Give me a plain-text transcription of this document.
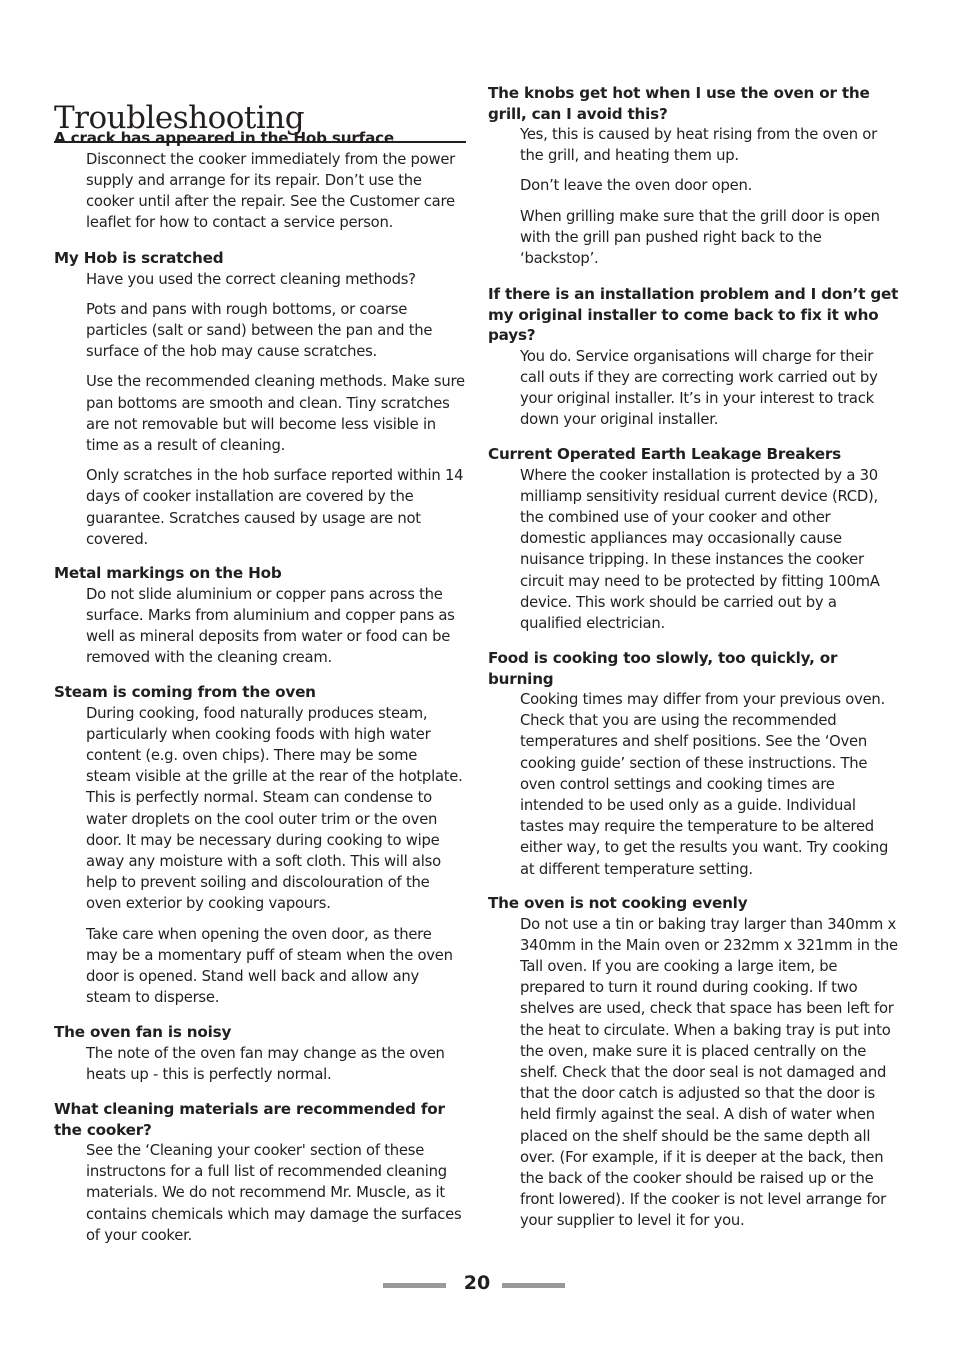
Troubleshooting

A crack has appeared in the Hob surface

Disconnect the cooker immediately from the power supply and arrange for its repair. Don’t use the cooker until after the repair. See the Customer care leaflet for how to contact a service person.

My Hob is scratched

Have you used the correct cleaning methods?

Pots and pans with rough bottoms, or coarse particles (salt or sand) between the pan and the surface of the hob may cause scratches.

Use the recommended cleaning methods. Make sure pan bottoms are smooth and clean. Tiny scratches are not removable but will become less visible in time as a result of cleaning.

Only scratches in the hob surface reported within 14 days of cooker installation are covered by the guarantee. Scratches caused by usage are not covered.

Metal markings on the Hob

Do not slide aluminium or copper pans across the surface. Marks from aluminium and copper pans as well as mineral deposits from water or food can be removed with the cleaning cream.

Steam is coming from the oven

During cooking, food naturally produces steam, particularly when cooking foods with high water content (e.g. oven chips). There may be some steam visible at the grille at the rear of the hotplate. This is perfectly normal. Steam can condense to water droplets on the cool outer trim or the oven door. It may be necessary during cooking to wipe away any moisture with a soft cloth. This will also help to prevent soiling and discolouration of the oven exterior by cooking vapours.

Take care when opening the oven door, as there may be a momentary puff of steam when the oven door is opened. Stand well back and allow any steam to disperse.

The oven fan is noisy

The note of the oven fan may change as the oven heats up - this is perfectly normal.

What cleaning materials are recommended for the cooker?

See the ‘Cleaning your cooker' section of these instructons for a full list of recommended cleaning materials. We do not recommend Mr. Muscle, as it contains chemicals which may damage the surfaces of your cooker.

The knobs get hot when I use the oven or the grill, can I avoid this?

Yes, this is caused by heat rising from the oven or the grill, and heating them up.

Don’t leave the oven door open.

When grilling make sure that the grill door is open with the grill pan pushed right back to the ‘backstop’.

If there is an installation problem and I don’t get my original installer to come back to fix it who pays?

You do. Service organisations will charge for their call outs if they are correcting work carried out by your original installer. It’s in your interest to track down your original installer.

Current Operated Earth Leakage Breakers

Where the cooker installation is protected by a 30 milliamp sensitivity residual current device (RCD), the combined use of your cooker and other domestic appliances may occasionally cause nuisance tripping. In these instances the cooker circuit may need to be protected by fitting 100mA device. This work should be carried out by a qualified electrician.

Food is cooking too slowly, too quickly, or burning

Cooking times may differ from your previous oven. Check that you are using the recommended temperatures and shelf positions. See the ‘Oven cooking guide’ section of these instructions. The oven control settings and cooking times are intended to be used only as a guide. Individual tastes may require the temperature to be altered either way, to get the results you want. Try cooking at different temperature setting.

The oven is not cooking evenly

Do not use a tin or baking tray larger than 340mm x 340mm in the Main oven or 232mm x 321mm in the Tall oven. If you are cooking a large item, be prepared to turn it round during cooking. If two shelves are used, check that space has been left for the heat to circulate. When a baking tray is put into the oven, make sure it is placed centrally on the shelf. Check that the door seal is not damaged and that the door catch is adjusted so that the door is held firmly against the seal. A dish of water when placed on the shelf should be the same depth all over. (For example, if it is deeper at the back, then the back of the cooker should be raised up or the front lowered). If the cooker is not level arrange for your supplier to level it for you.

20
